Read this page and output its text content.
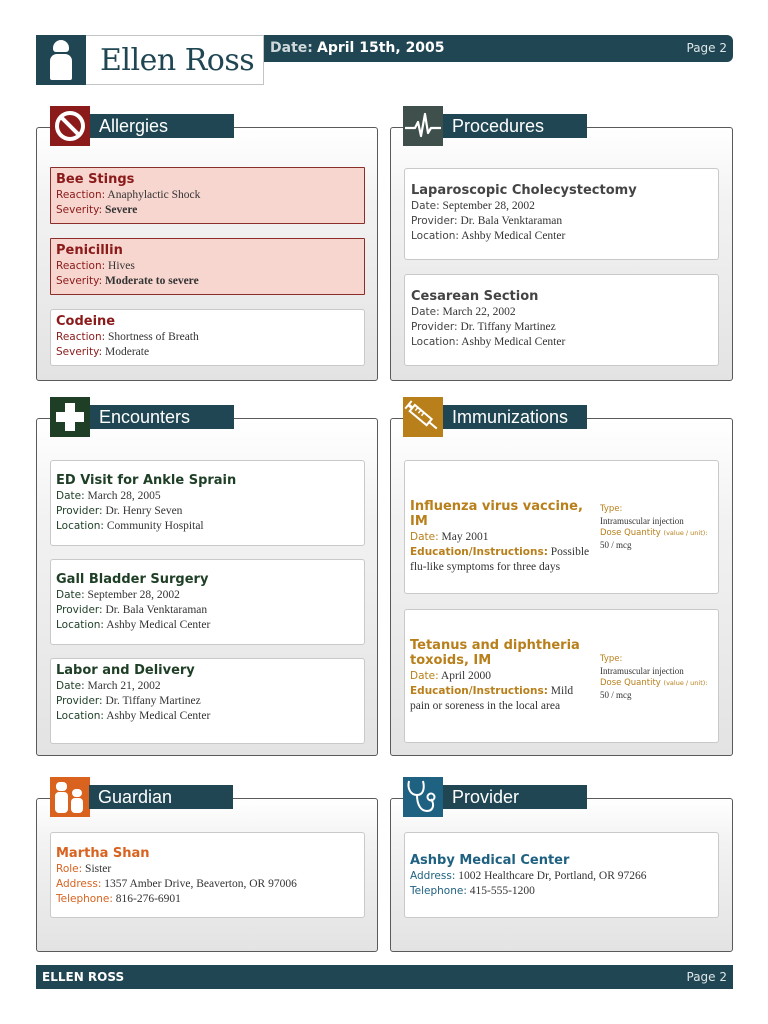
Ellen Ross	Date: April 15th, 2005	Page 2
Bee Stings
Reaction: Anaphylactic Shock
Severity: Severe
Penicillin
Reaction: Hives
Severity: Moderate to severe
Codeine
Reaction: Shortness of Breath
Severity: Moderate
Allergies
Laparoscopic Cholecystectomy
Date: September 28, 2002
Provider: Dr. Bala Venktaraman
Location: Ashby Medical Center
Cesarean Section
Date: March 22, 2002
Provider: Dr. Tiffany Martinez
Location: Ashby Medical Center
Procedures
ED Visit for Ankle Sprain
Date: March 28, 2005
Provider: Dr. Henry Seven
Location: Community Hospital
Gall Bladder Surgery
Date: September 28, 2002
Provider: Dr. Bala Venktaraman
Location: Ashby Medical Center
Labor and Delivery
Date: March 21, 2002
Provider: Dr. Tiffany Martinez
Location: Ashby Medical Center
Encounters
Influenza virus vaccine, IM
Date: May 2001
Education/Instructions: Possible flu-like symptoms for three days
Type:
Intramuscular injection
Dose Quantity (value / unit):
50 / mcg
Tetanus and diphtheria toxoids, IM
Date: April 2000
Education/Instructions: Mild pain or soreness in the local area
Type:
Intramuscular injection
Dose Quantity (value / unit):
50 / mcg
Immunizations
Martha Shan
Role: Sister
Address: 1357 Amber Drive, Beaverton, OR 97006
Telephone: 816-276-6901
Guardian
Ashby Medical Center
Address: 1002 Healthcare Dr, Portland, OR 97266
Telephone: 415-555-1200
Provider
ELLEN ROSS	Page 2
